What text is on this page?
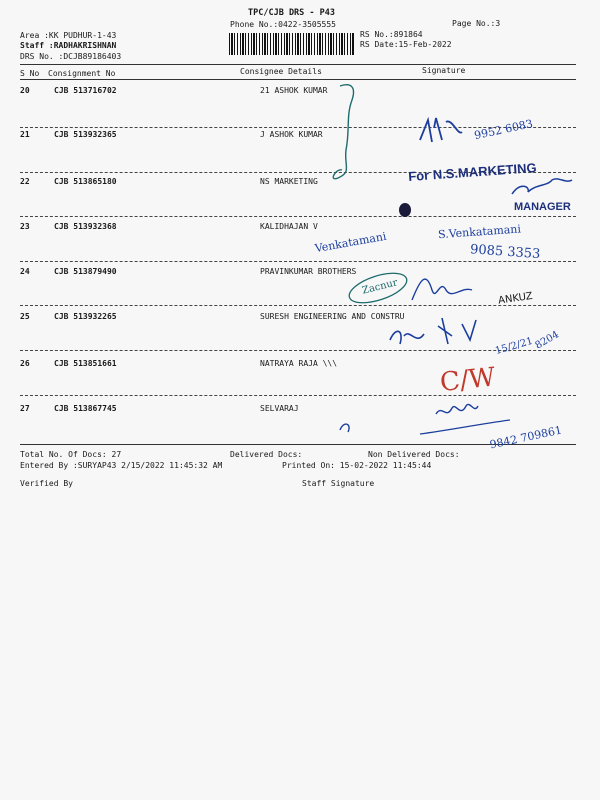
TPC/CJB DRS - P43
Phone No.:0422-3505555	Page No.:3
Area :KK PUDHUR-1-43
Staff :RADHAKRISHNAN
DRS No. :DCJB89186403
RS No.:891864
RS Date:15-Feb-2022
S No Consignment No	Consignee Details	Signature
20	CJB 513716702	21 ASHOK KUMAR
21	CJB 513932365	J ASHOK KUMAR
22	CJB 513865180	NS MARKETING
23	CJB 513932368	KALIDHAJAN V
24	CJB 513879490	PRAVINKUMAR BROTHERS
25	CJB 513932265	SURESH ENGINEERING AND CONSTRU
26	CJB 513851661	NATRAYA RAJA \\\
27	CJB 513867745	SELVARAJ
Total No. Of Docs: 27	Delivered Docs:	Non Delivered Docs:
Entered By :SURYAP43 2/15/2022 11:45:32 AM	Printed On: 15-02-2022 11:45:44
Verified By	Staff Signature
9952 6083
For N.S.MARKETING
MANAGER
Venkatamani	S.Venkatamani
9085 3353
Zacnur
ANKUZ
15/2/21 8204
C/W
9842 709861
